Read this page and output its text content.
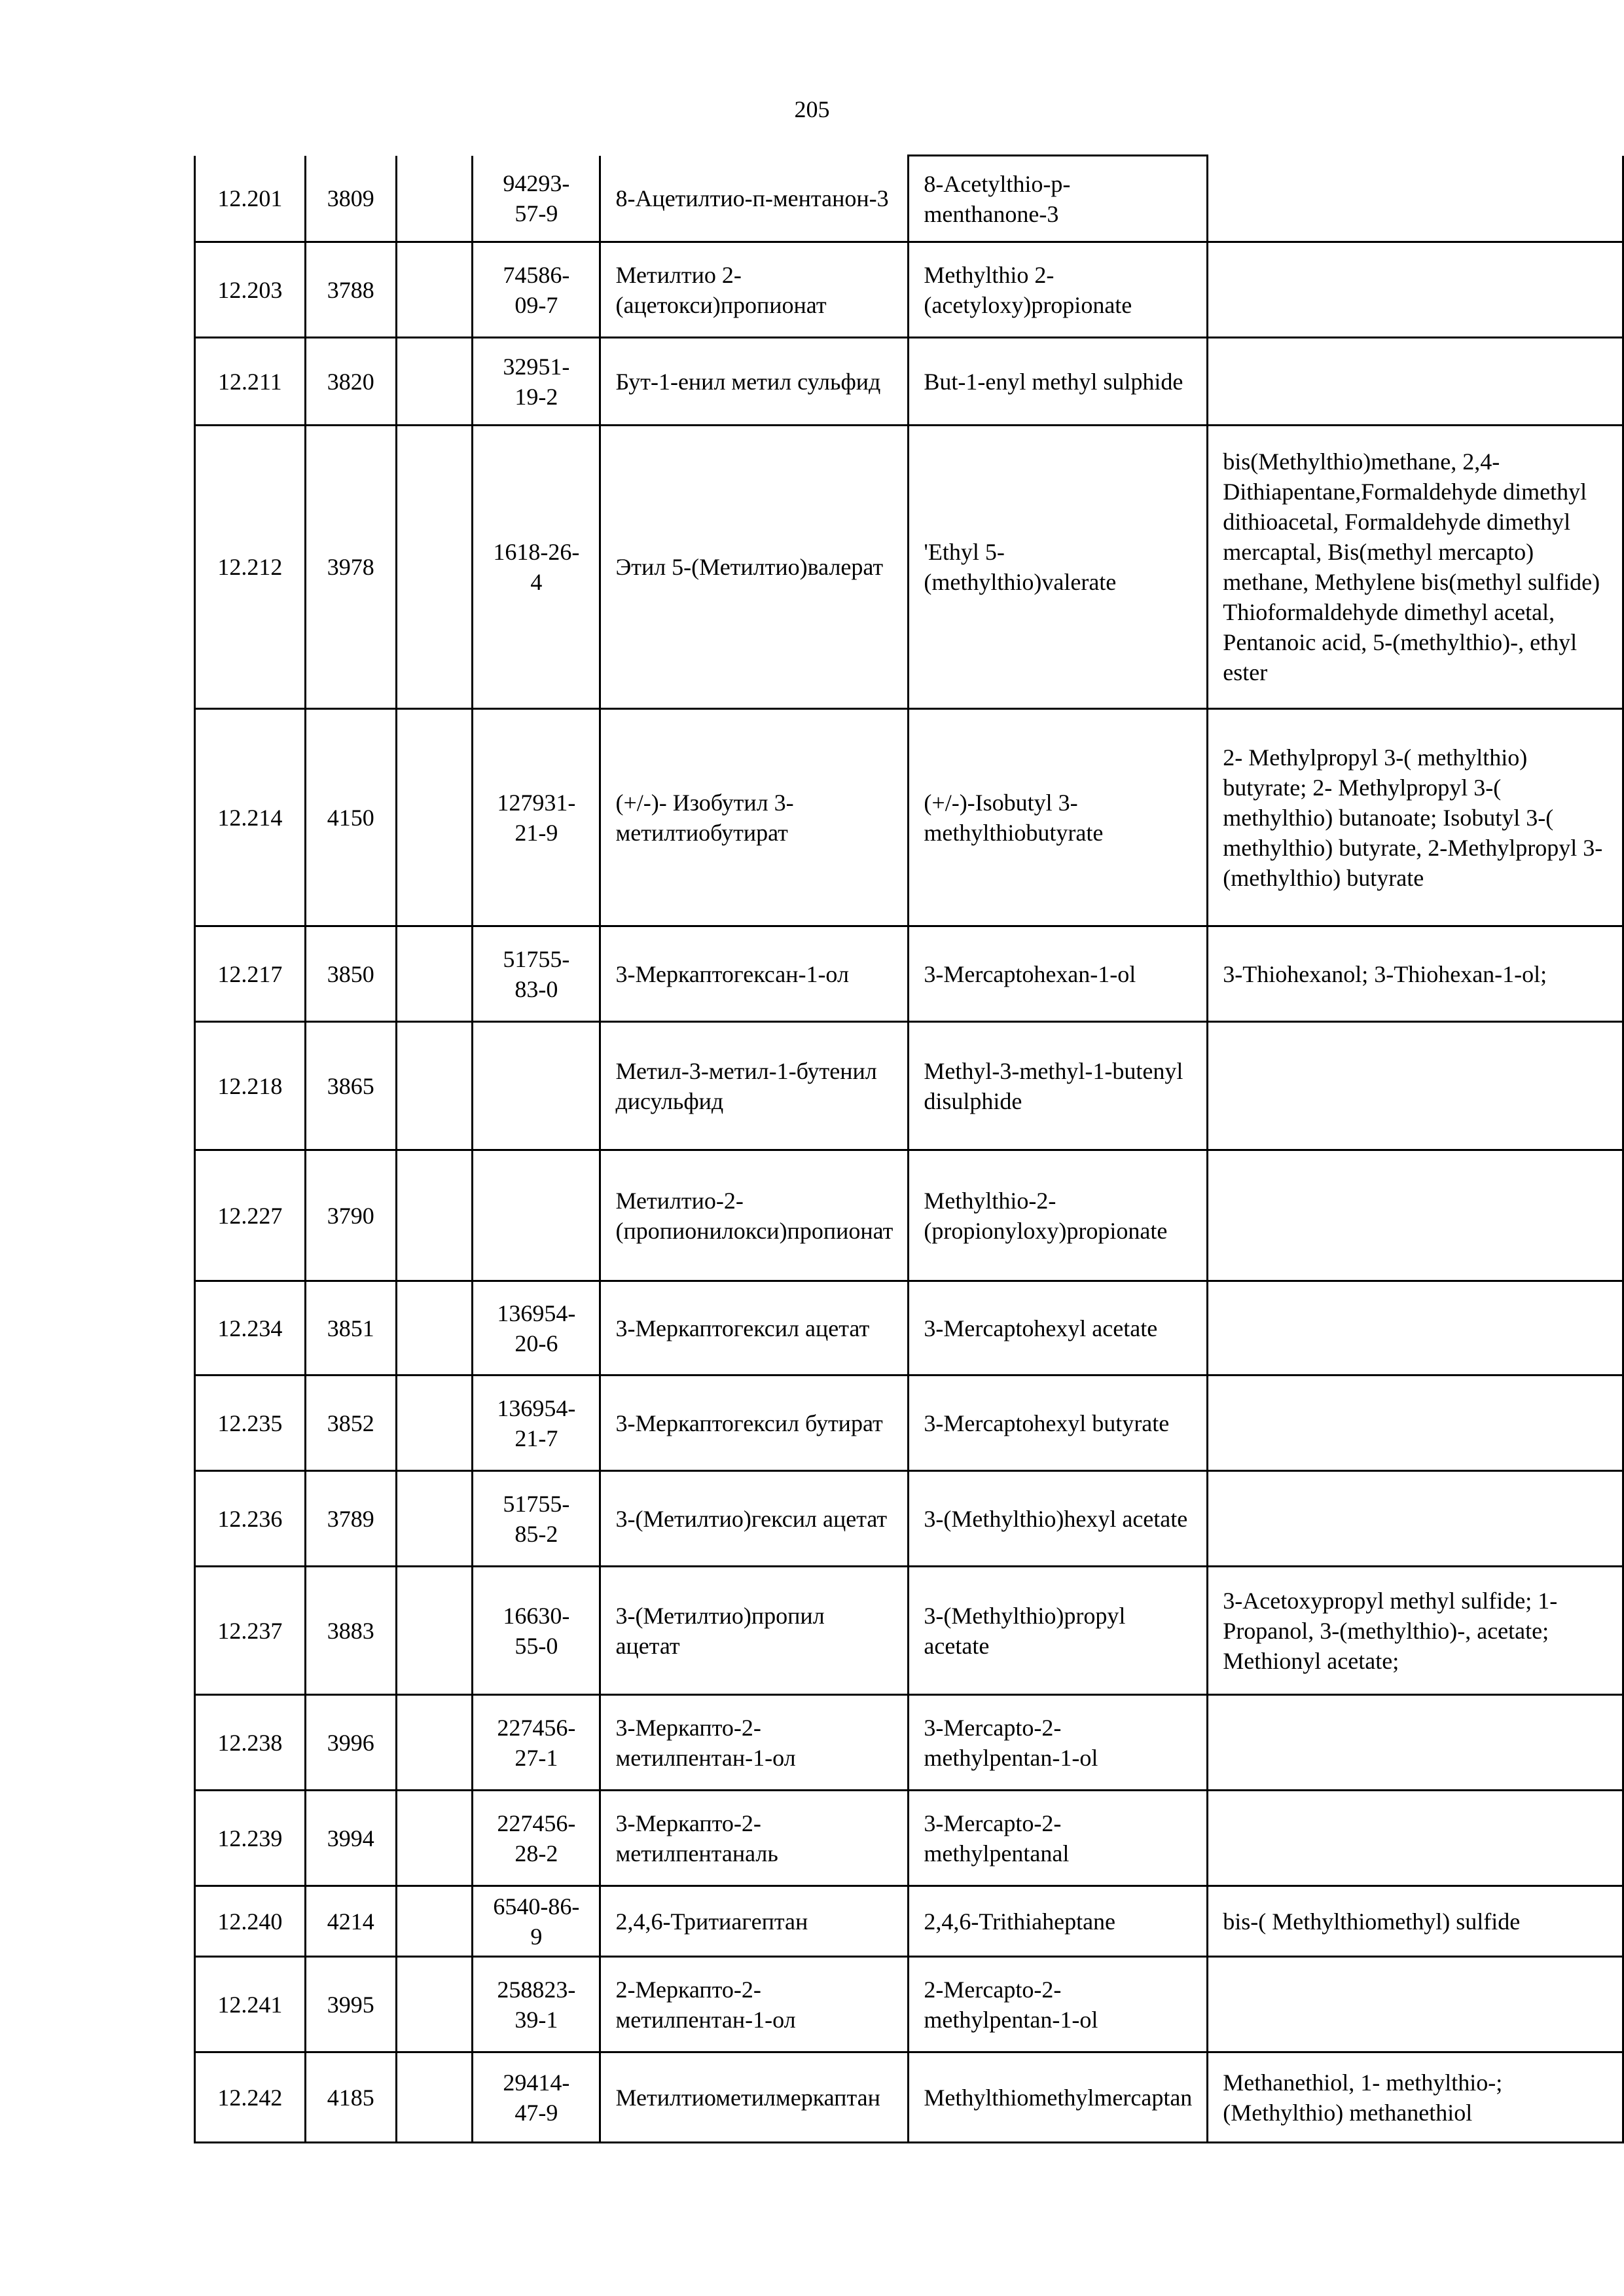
205
12.201	3809		94293-57-9	8-Ацетилтио-п-ментанон-3	8-Acetylthio-p-menthanone-3	
12.203	3788		74586-09-7	Метилтио 2-(ацетокси)пропионат	Methylthio 2-(acetyloxy)propionate	
12.211	3820		32951-19-2	Бут-1-енил метил сульфид	But-1-enyl methyl sulphide	
12.212	3978		1618-26-4	Этил 5-(Метилтио)валерат	'Ethyl 5-(methylthio)valerate	bis(Methylthio)methane, 2,4-Dithiapentane,Formaldehyde dimethyl dithioacetal, Formaldehyde dimethyl mercaptal, Bis(methyl mercapto) methane, Methylene bis(methyl sulfide)
Thioformaldehyde dimethyl acetal, Pentanoic acid, 5-(methylthio)-, ethyl ester
12.214	4150		127931-21-9	(+/-)- Изобутил 3-метилтиобутират	(+/-)-Isobutyl 3-methylthiobutyrate	2- Methylpropyl 3-( methylthio) butyrate; 2- Methylpropyl 3-( methylthio) butanoate; Isobutyl 3-( methylthio) butyrate, 2-Methylpropyl 3-(methylthio) butyrate
12.217	3850		51755-83-0	3-Меркаптогексан-1-ол	3-Mercaptohexan-1-ol	3-Thiohexanol; 3-Thiohexan-1-ol;
12.218	3865			Метил-3-метил-1-бутенил дисульфид	Methyl-3-methyl-1-butenyl disulphide	
12.227	3790			Метилтио-2-(пропионилокси)пропионат	Methylthio-2-(propionyloxy)propionate	
12.234	3851		136954-20-6	3-Меркаптогексил ацетат	3-Mercaptohexyl acetate	
12.235	3852		136954-21-7	3-Меркаптогексил бутират	3-Mercaptohexyl butyrate	
12.236	3789		51755-85-2	3-(Метилтио)гексил ацетат	3-(Methylthio)hexyl acetate	
12.237	3883		16630-55-0	3-(Метилтио)пропил ацетат	3-(Methylthio)propyl acetate	3-Acetoxypropyl methyl sulfide; 1-Propanol, 3-(methylthio)-, acetate; Methionyl acetate;
12.238	3996		227456-27-1	3-Меркапто-2-метилпентан-1-ол	3-Mercapto-2-methylpentan-1-ol	
12.239	3994		227456-28-2	3-Меркапто-2-метилпентаналь	3-Mercapto-2-methylpentanal	
12.240	4214		6540-86-9	2,4,6-Тритиагептан	2,4,6-Trithiaheptane	bis-( Methylthiomethyl) sulfide
12.241	3995		258823-39-1	2-Меркапто-2-метилпентан-1-ол	2-Mercapto-2-methylpentan-1-ol	
12.242	4185		29414-47-9	Метилтиометилмеркаптан	Methylthiomethylmercaptan	Methanethiol, 1- methylthio-; (Methylthio) methanethiol
